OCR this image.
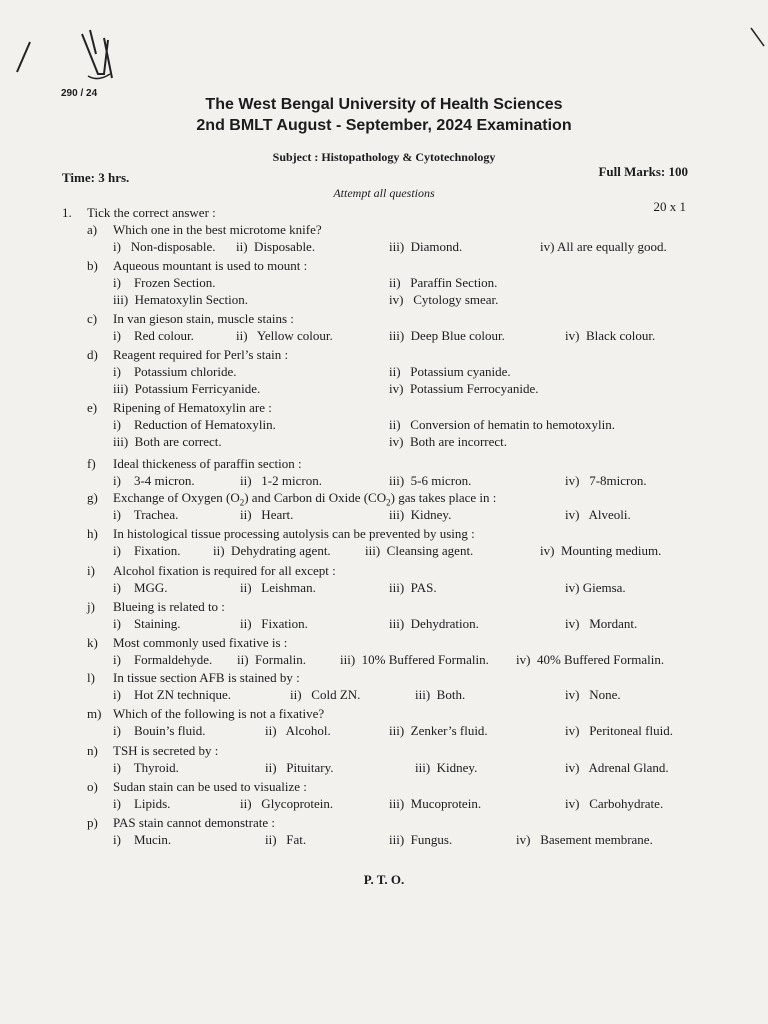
290 / 24
The West Bengal University of Health Sciences
2nd BMLT August - September, 2024 Examination
Subject : Histopathology & Cytotechnology
Time: 3 hrs.	Full Marks: 100
Attempt all questions
20 x 1
1. Tick the correct answer :
a) Which one in the best microtome knife?
i)   Non-disposable. ii)  Disposable.	iii)  Diamond.	iv) All are equally good.
b) Aqueous mountant is used to mount :
i)    Frozen Section.	ii)   Paraffin Section.
iii)  Hematoxylin Section.	iv)   Cytology smear.
c) In van gieson stain, muscle stains :
i)    Red colour.	ii)   Yellow colour.	iii)  Deep Blue colour.	iv)  Black colour.
d) Reagent required for Perl’s stain :
i)    Potassium chloride.	ii)   Potassium cyanide.
iii)  Potassium Ferricyanide.	iv)  Potassium Ferrocyanide.
e) Ripening of Hematoxylin are :
i)    Reduction of Hematoxylin.	ii)   Conversion of hematin to hemotoxylin.
iii)  Both are correct.	iv)  Both are incorrect.
f) Ideal thickeness of paraffin section :
i)    3-4 micron.	ii)   1-2 micron.	iii)  5-6 micron.	iv)   7-8micron.
g) Exchange of Oxygen $(O_2)$ and Carbon di Oxide $(CO_2)$ gas takes place in :
i)    Trachea.	ii)   Heart.	iii)  Kidney.	iv)   Alveoli.
h) In histological tissue processing autolysis can be prevented by using :
i)    Fixation. ii)  Dehydrating agent.	iii)  Cleansing agent.	iv)  Mounting medium.
i) Alcohol fixation is required for all except :
i)    MGG.	ii)   Leishman.	iii)  PAS.	iv) Giemsa.
j) Blueing is related to :
i)    Staining.	ii)   Fixation.	iii)  Dehydration.	iv)   Mordant.
k) Most commonly used fixative is :
i)    Formaldehyde. ii)  Formalin.	iii)  10% Buffered Formalin. iv)  40% Buffered Formalin.
l) In tissue section AFB is stained by :
i)    Hot ZN technique.	ii)   Cold ZN.	iii)  Both.	iv)   None.
m) Which of the following is not a fixative?
i)    Bouin’s fluid.	ii)   Alcohol.	iii)  Zenker’s fluid.	iv)   Peritoneal fluid.
n) TSH is secreted by :
i)    Thyroid.	ii)   Pituitary.	iii)  Kidney.	iv)   Adrenal Gland.
o) Sudan stain can be used to visualize :
i)    Lipids.	ii)   Glycoprotein.	iii)  Mucoprotein.	iv)   Carbohydrate.
p) PAS stain cannot demonstrate :
i)    Mucin.	ii)   Fat.	iii)  Fungus.	iv)   Basement membrane.
P. T. O.
